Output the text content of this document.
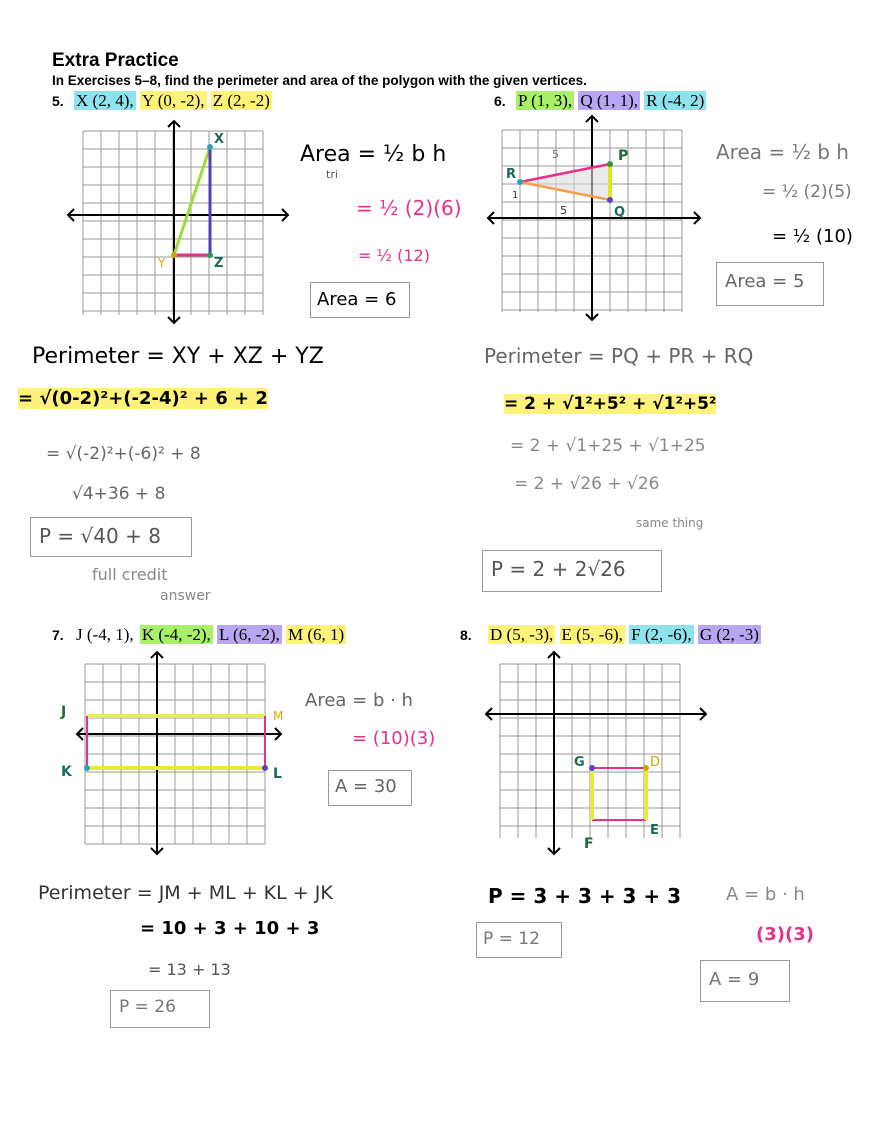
Extra Practice
In Exercises 5–8, find the perimeter and area of the polygon with the given vertices.
5. X (2, 4), Y (0, -2), Z (2, -2)
X
Y	Z
Area = ½ b h
tri
= ½ (2)(6)
= ½ (12)
Area = 6
Perimeter = XY + XZ + YZ
= √(0-2)²+(-2-4)² + 6 + 2
= √(-2)²+(-6)² + 8
√4+36 + 8
P = √40 + 8
full credit
answer
6. P (1, 3), Q (1, 1), R (-4, 2)
P
Q
R
5
5
1
Area = ½ b h
= ½ (2)(5)
= ½ (10)
Area = 5
Perimeter = PQ + PR + RQ
= 2 + √1²+5² + √1²+5²
= 2 + √1+25 + √1+25
= 2 + √26 + √26
same thing
P = 2 + 2√26
7. J (-4, 1), K (-4, -2), L (6, -2), M (6, 1)
J
K	L
M
Area = b · h
= (10)(3)
A = 30
Perimeter = JM + ML + KL + JK
= 10 + 3 + 10 + 3
= 13 + 13
P = 26
8. D (5, -3), E (5, -6), F (2, -6), G (2, -3)
G	D
E
F
P = 3 + 3 + 3 + 3
P = 12
A = b · h
(3)(3)
A = 9
